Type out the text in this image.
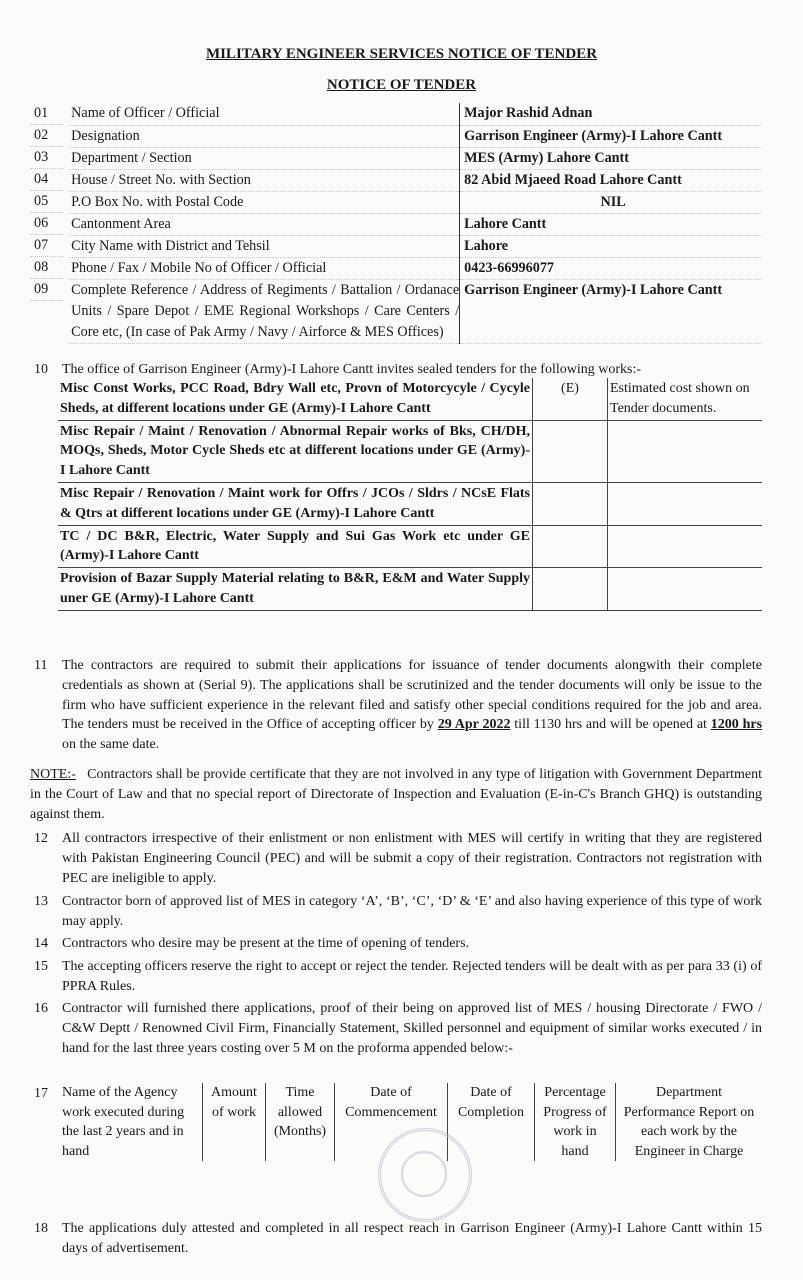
MILITARY ENGINEER SERVICES NOTICE OF TENDER
NOTICE OF TENDER
01 Name of Officer / Official	Major Rashid Adnan
02 Designation	Garrison Engineer (Army)-I Lahore Cantt
03 Department / Section	MES (Army) Lahore Cantt
04 House / Street No. with Section	82 Abid Mjaeed Road Lahore Cantt
05 P.O Box No. with Postal Code	NIL
06 Cantonment Area	Lahore Cantt
07 City Name with District and Tehsil	Lahore
08 Phone / Fax / Mobile No of Officer / Official	0423-66996077
09 Complete Reference / Address of Regiments / Battalion / Ordanace Units / Spare Depot / EME Regional Workshops / Care Centers / Core etc, (In case of Pak Army / Navy / Airforce & MES Offices)	Garrison Engineer (Army)-I Lahore Cantt
10 The office of Garrison Engineer (Army)-I Lahore Cantt invites sealed tenders for the following works:-
Misc Const Works, PCC Road, Bdry Wall etc, Provn of Motorcycyle / Cycyle Sheds, at different locations under GE (Army)-I Lahore Cantt	(E)	Estimated cost shown on Tender documents.
Misc Repair / Maint / Renovation / Abnormal Repair works of Bks, CH/DH, MOQs, Sheds, Motor Cycle Sheds etc at different locations under GE (Army)-I Lahore Cantt		
Misc Repair / Renovation / Maint work for Offrs / JCOs / Sldrs / NCsE Flats & Qtrs at different locations under GE (Army)-I Lahore Cantt		
TC / DC B&R, Electric, Water Supply and Sui Gas Work etc under GE (Army)-I Lahore Cantt		
Provision of Bazar Supply Material relating to B&R, E&M and Water Supply uner GE (Army)-I Lahore Cantt		
11	The contractors are required to submit their applications for issuance of tender documents alongwith their complete credentials as shown at (Serial 9). The applications shall be scrutinized and the tender documents will only be issue to the firm who have sufficient experience in the relevant filed and satisfy other special conditions required for the job and area. The tenders must be received in the Office of accepting officer by 29 Apr 2022 till 1130 hrs and will be opened at 1200 hrs on the same date.
NOTE:- Contractors shall be provide certificate that they are not involved in any type of litigation with Government Department in the Court of Law and that no special report of Directorate of Inspection and Evaluation (E-in-C's Branch GHQ) is outstanding against them.
12	All contractors irrespective of their enlistment or non enlistment with MES will certify in writing that they are registered with Pakistan Engineering Council (PEC) and will be submit a copy of their registration. Contractors not registration with PEC are ineligible to apply.
13	Contractor born of approved list of MES in category ‘A’, ‘B’, ‘C’, ‘D’ & ‘E’ and also having experience of this type of work may apply.
14	Contractors who desire may be present at the time of opening of tenders.
15	The accepting officers reserve the right to accept or reject the tender. Rejected tenders will be dealt with as per para 33 (i) of PPRA Rules.
16	Contractor will furnished there applications, proof of their being on approved list of MES / housing Directorate / FWO / C&W Deptt / Renowned Civil Firm, Financially Statement, Skilled personnel and equipment of similar works executed / in hand for the last three years costing over 5 M on the proforma appended below:-
17	Name of the Agency work executed during the last 2 years and in hand	Amount of work	Time allowed (Months)	Date of Commencement	Date of Completion	Percentage Progress of work in hand	Department Performance Report on each work by the Engineer in Charge
18	The applications duly attested and completed in all respect reach in Garrison Engineer (Army)-I Lahore Cantt within 15 days of advertisement.
